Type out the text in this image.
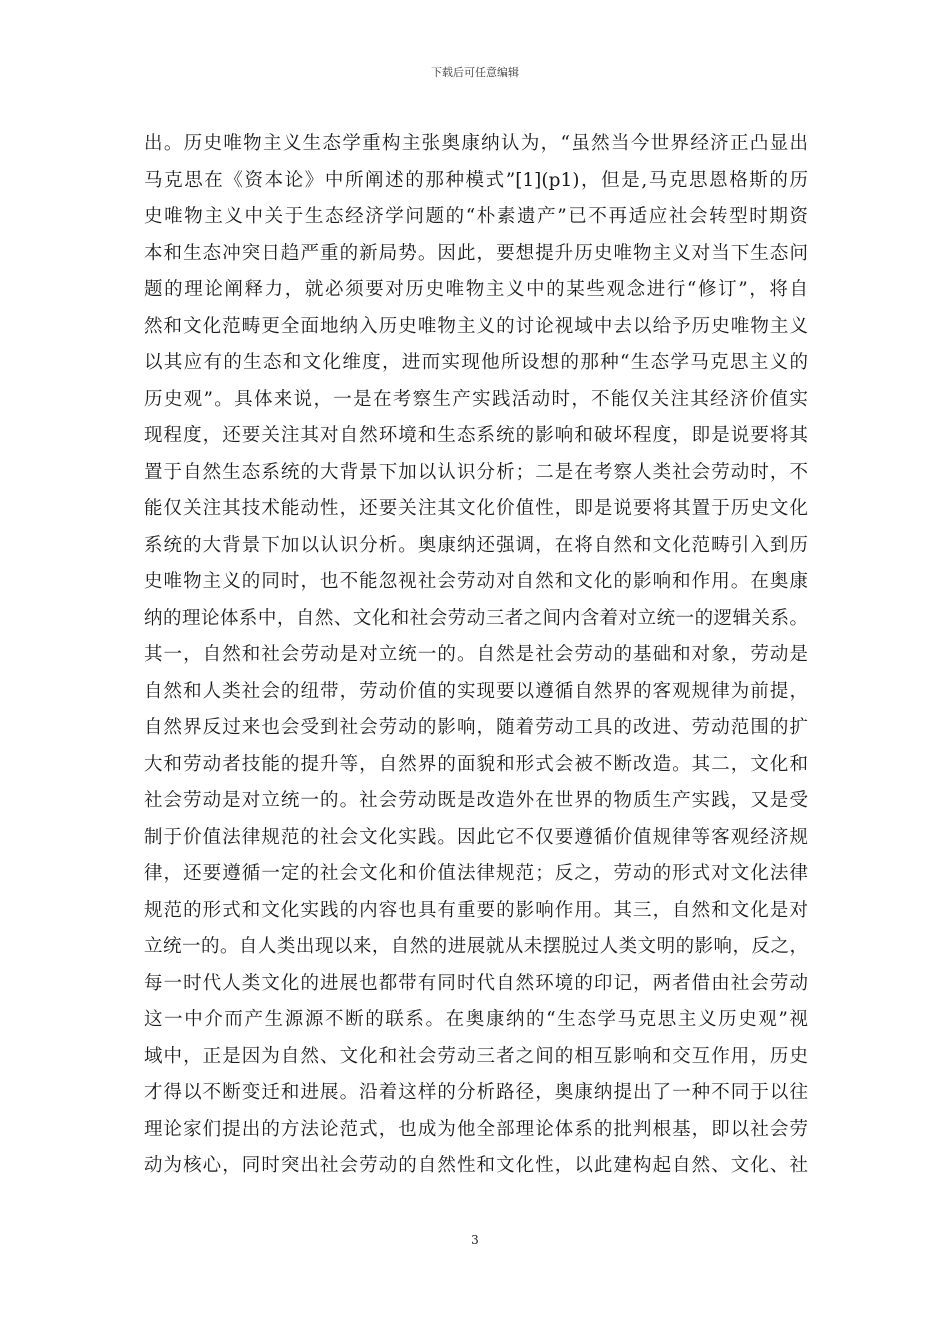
下载后可任意编辑
出。历史唯物主义生态学重构主张奥康纳认为，“虽然当今世界经济正凸显出
马克思在《资本论》中所阐述的那种模式”[1](p1)，但是,马克思恩格斯的历
史唯物主义中关于生态经济学问题的“朴素遗产”已不再适应社会转型时期资
本和生态冲突日趋严重的新局势。因此，要想提升历史唯物主义对当下生态问
题的理论阐释力，就必须要对历史唯物主义中的某些观念进行“修订”，将自
然和文化范畴更全面地纳入历史唯物主义的讨论视域中去以给予历史唯物主义
以其应有的生态和文化维度，进而实现他所设想的那种“生态学马克思主义的
历史观”。具体来说，一是在考察生产实践活动时，不能仅关注其经济价值实
现程度，还要关注其对自然环境和生态系统的影响和破坏程度，即是说要将其
置于自然生态系统的大背景下加以认识分析；二是在考察人类社会劳动时，不
能仅关注其技术能动性，还要关注其文化价值性，即是说要将其置于历史文化
系统的大背景下加以认识分析。奥康纳还强调，在将自然和文化范畴引入到历
史唯物主义的同时，也不能忽视社会劳动对自然和文化的影响和作用。在奥康
纳的理论体系中，自然、文化和社会劳动三者之间内含着对立统一的逻辑关系。
其一，自然和社会劳动是对立统一的。自然是社会劳动的基础和对象，劳动是
自然和人类社会的纽带，劳动价值的实现要以遵循自然界的客观规律为前提，
自然界反过来也会受到社会劳动的影响，随着劳动工具的改进、劳动范围的扩
大和劳动者技能的提升等，自然界的面貌和形式会被不断改造。其二，文化和
社会劳动是对立统一的。社会劳动既是改造外在世界的物质生产实践，又是受
制于价值法律规范的社会文化实践。因此它不仅要遵循价值规律等客观经济规
律，还要遵循一定的社会文化和价值法律规范；反之，劳动的形式对文化法律
规范的形式和文化实践的内容也具有重要的影响作用。其三，自然和文化是对
立统一的。自人类出现以来，自然的进展就从未摆脱过人类文明的影响，反之，
每一时代人类文化的进展也都带有同时代自然环境的印记，两者借由社会劳动
这一中介而产生源源不断的联系。在奥康纳的“生态学马克思主义历史观”视
域中，正是因为自然、文化和社会劳动三者之间的相互影响和交互作用，历史
才得以不断变迁和进展。沿着这样的分析路径，奥康纳提出了一种不同于以往
理论家们提出的方法论范式，也成为他全部理论体系的批判根基，即以社会劳
动为核心，同时突出社会劳动的自然性和文化性，以此建构起自然、文化、社
3
